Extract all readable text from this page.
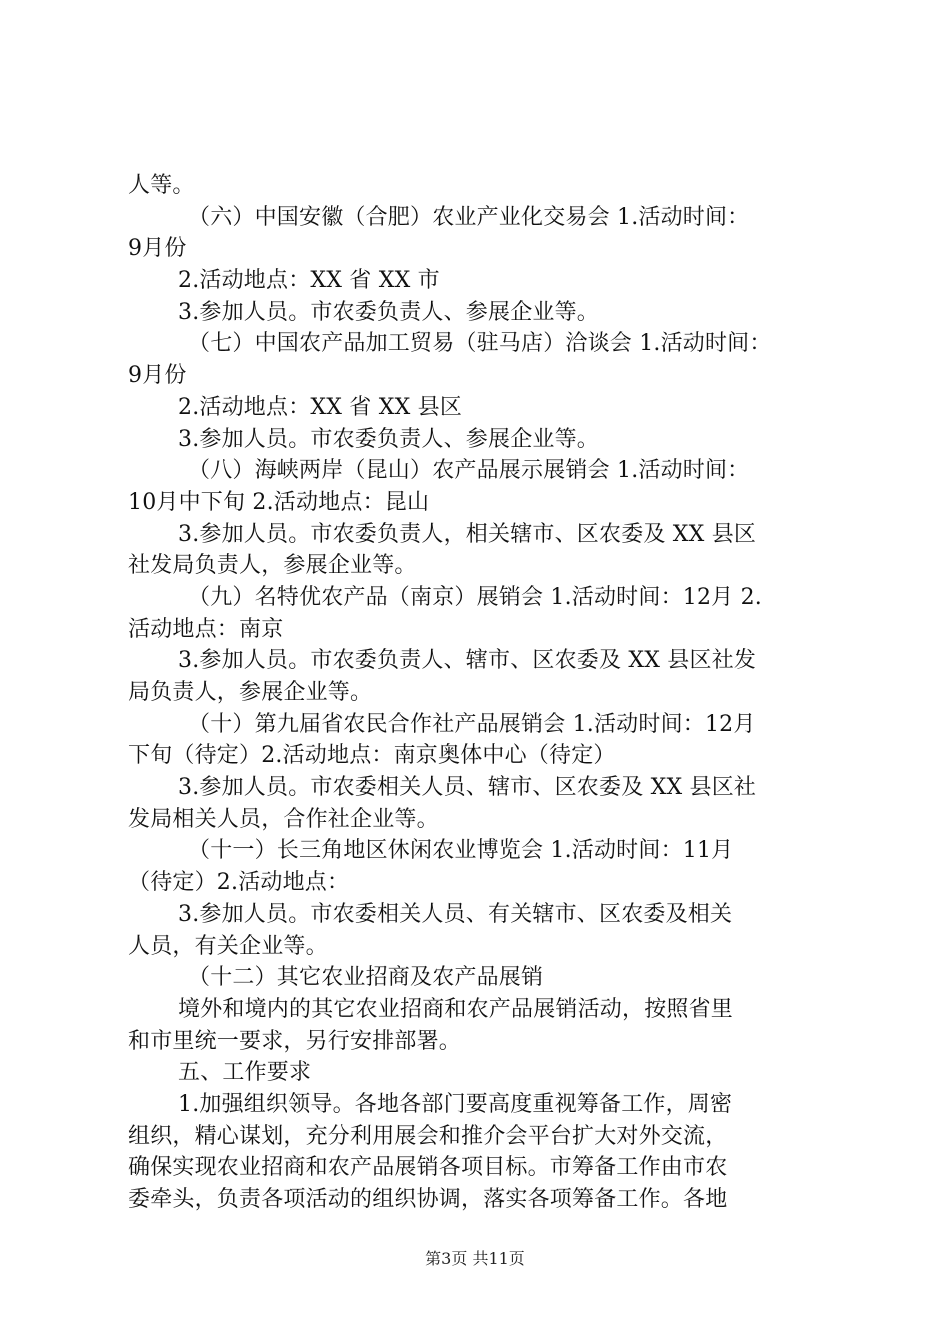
人等。
（六）中国安徽（合肥）农业产业化交易会 1.活动时间：
9月份
2.活动地点：XX 省 XX 市
3.参加人员。市农委负责人、参展企业等。
（七）中国农产品加工贸易（驻马店）洽谈会 1.活动时间：
9月份
2.活动地点：XX 省 XX 县区
3.参加人员。市农委负责人、参展企业等。
（八）海峡两岸（昆山）农产品展示展销会 1.活动时间：
10月中下旬 2.活动地点：昆山
3.参加人员。市农委负责人，相关辖市、区农委及 XX 县区
社发局负责人，参展企业等。
（九）名特优农产品（南京）展销会 1.活动时间：12月 2.
活动地点：南京
3.参加人员。市农委负责人、辖市、区农委及 XX 县区社发
局负责人，参展企业等。
（十）第九届省农民合作社产品展销会 1.活动时间：12月
下旬（待定）2.活动地点：南京奥体中心（待定）
3.参加人员。市农委相关人员、辖市、区农委及 XX 县区社
发局相关人员，合作社企业等。
（十一）长三角地区休闲农业博览会 1.活动时间：11月
（待定）2.活动地点：
3.参加人员。市农委相关人员、有关辖市、区农委及相关
人员，有关企业等。
（十二）其它农业招商及农产品展销
境外和境内的其它农业招商和农产品展销活动，按照省里
和市里统一要求，另行安排部署。
五、工作要求
1.加强组织领导。各地各部门要高度重视筹备工作，周密
组织，精心谋划，充分利用展会和推介会平台扩大对外交流，
确保实现农业招商和农产品展销各项目标。市筹备工作由市农
委牵头，负责各项活动的组织协调，落实各项筹备工作。各地
第3页 共11页
